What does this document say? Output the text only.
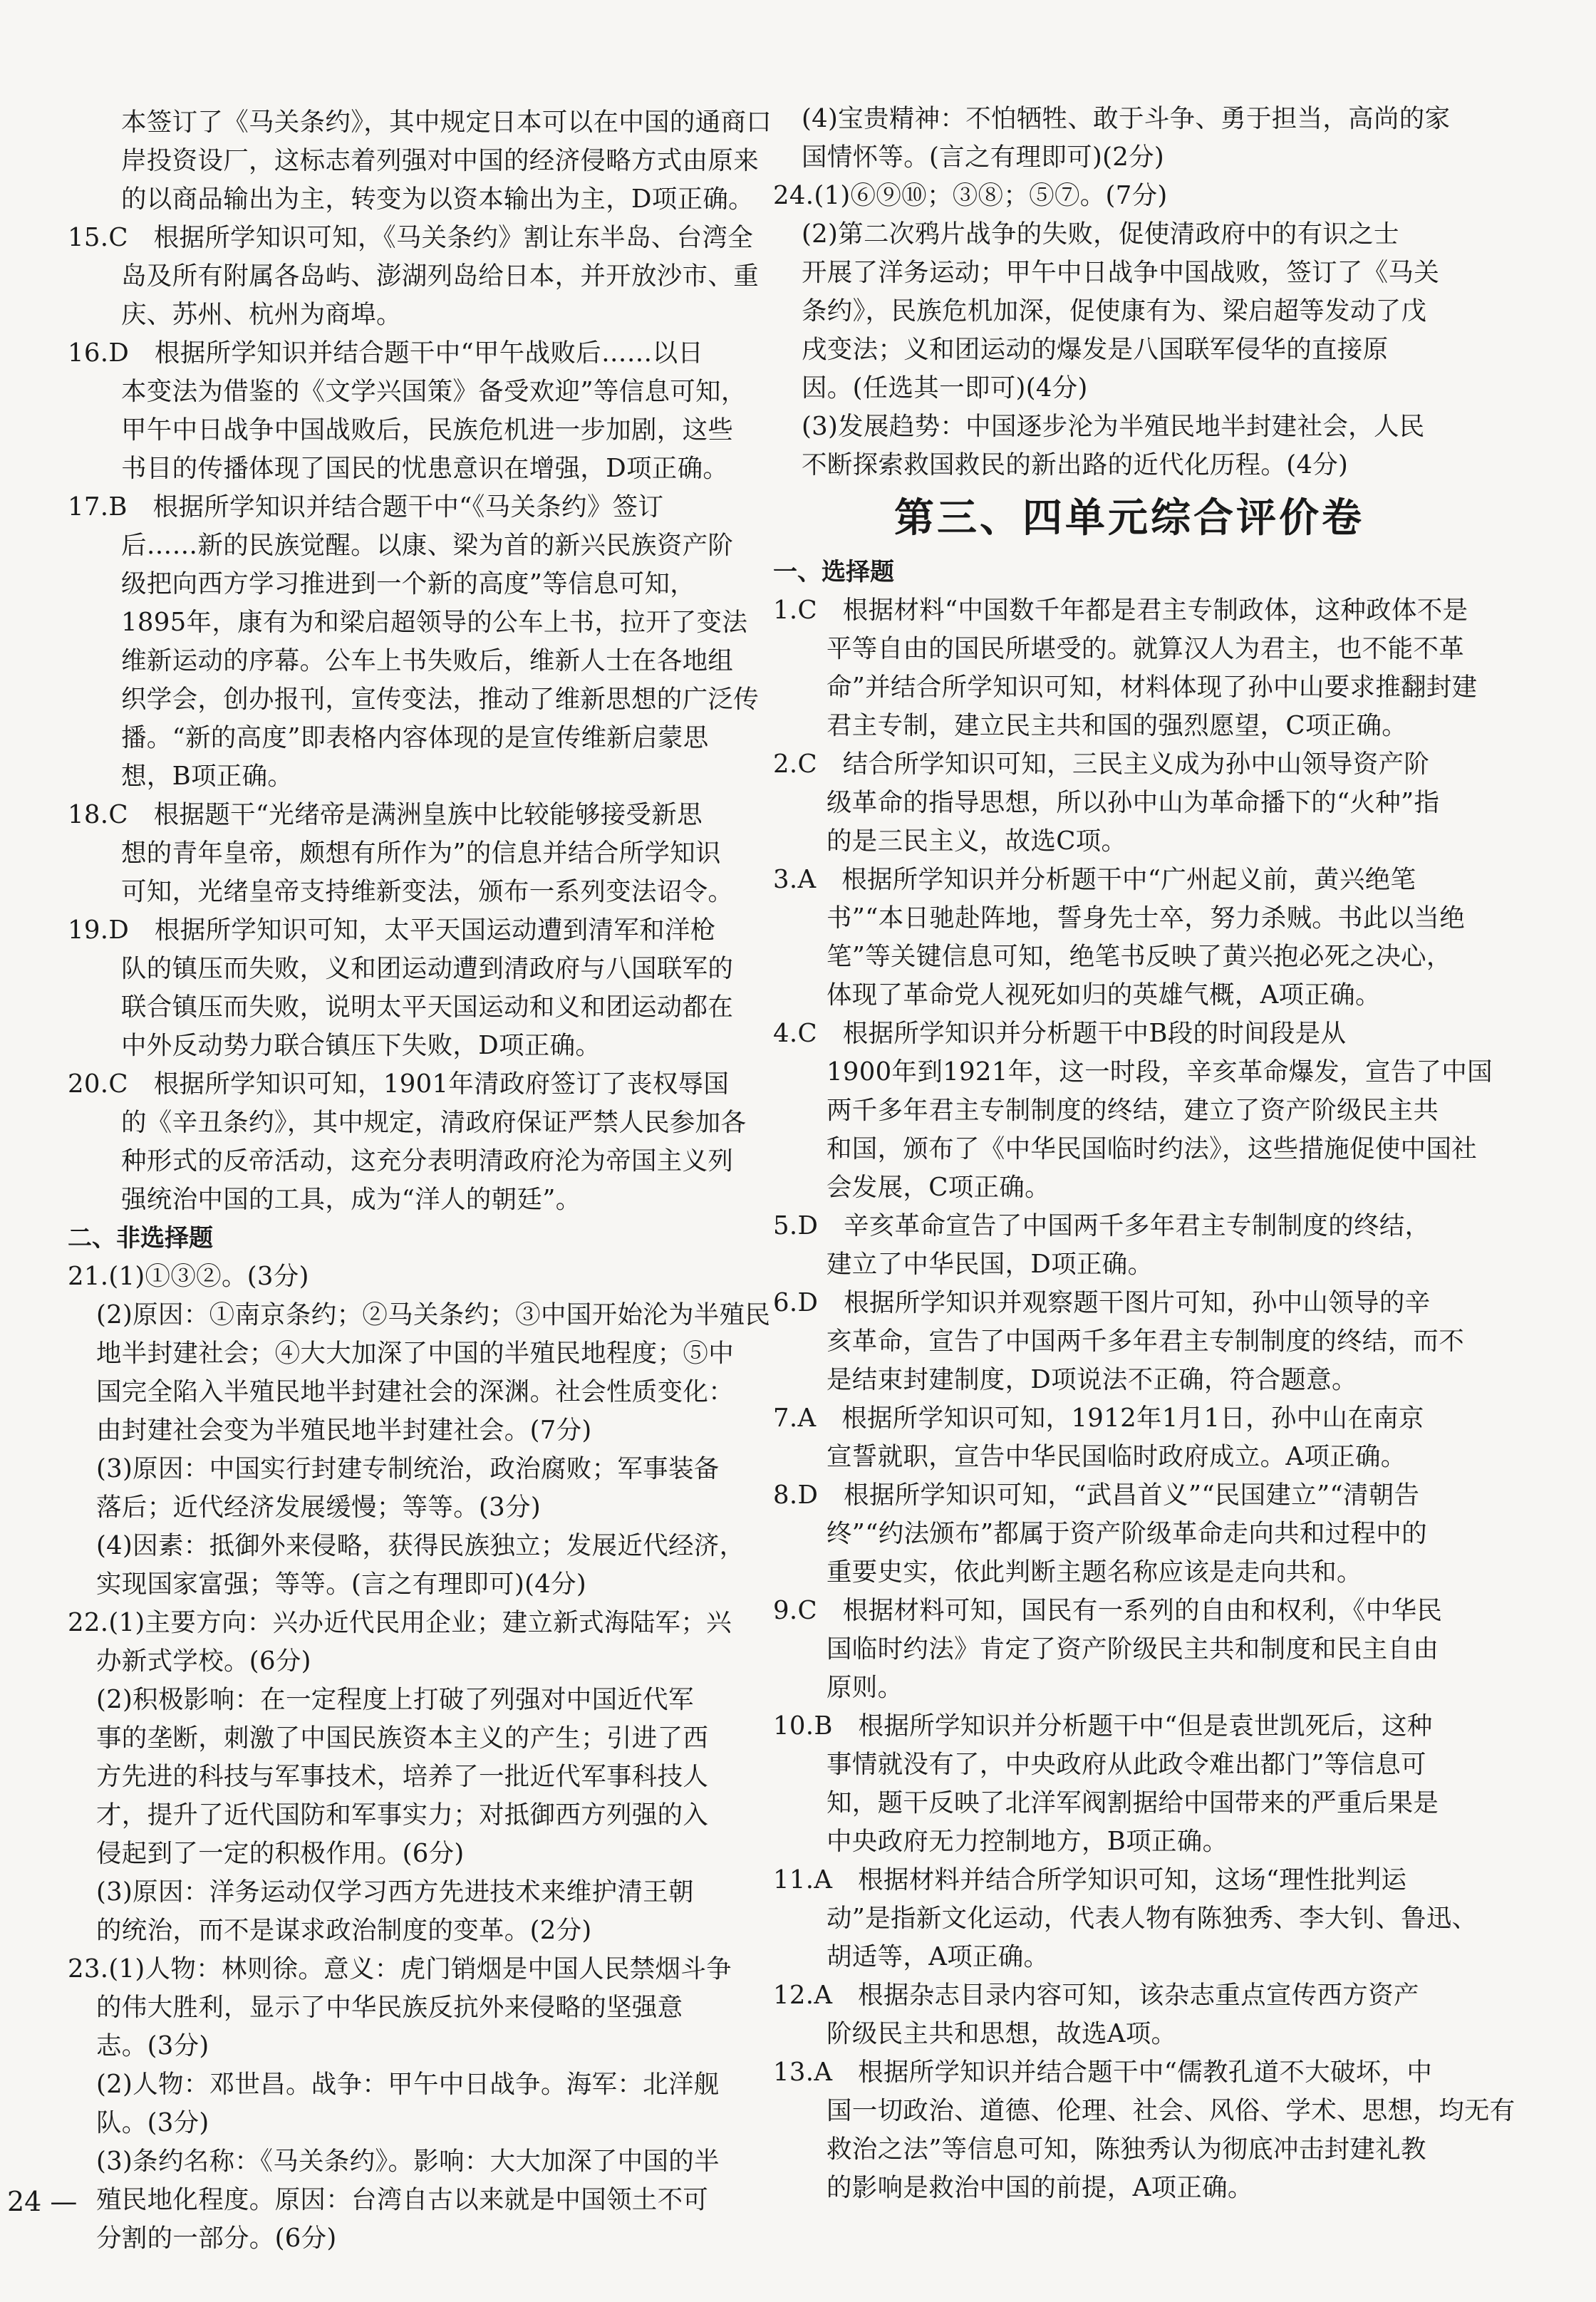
本签订了《马关条约》，其中规定日本可以在中国的通商口
岸投资设厂，这标志着列强对中国的经济侵略方式由原来
的以商品输出为主，转变为以资本输出为主，D项正确。
15.C　根据所学知识可知，《马关条约》割让东半岛、台湾全
岛及所有附属各岛屿、澎湖列岛给日本，并开放沙市、重
庆、苏州、杭州为商埠。
16.D　根据所学知识并结合题干中“甲午战败后……以日
本变法为借鉴的《文学兴国策》备受欢迎”等信息可知，
甲午中日战争中国战败后，民族危机进一步加剧，这些
书目的传播体现了国民的忧患意识在增强，D项正确。
17.B　根据所学知识并结合题干中“《马关条约》签订
后……新的民族觉醒。以康、梁为首的新兴民族资产阶
级把向西方学习推进到一个新的高度”等信息可知，
1895年，康有为和梁启超领导的公车上书，拉开了变法
维新运动的序幕。公车上书失败后，维新人士在各地组
织学会，创办报刊，宣传变法，推动了维新思想的广泛传
播。“新的高度”即表格内容体现的是宣传维新启蒙思
想，B项正确。
18.C　根据题干“光绪帝是满洲皇族中比较能够接受新思
想的青年皇帝，颇想有所作为”的信息并结合所学知识
可知，光绪皇帝支持维新变法，颁布一系列变法诏令。
19.D　根据所学知识可知，太平天国运动遭到清军和洋枪
队的镇压而失败，义和团运动遭到清政府与八国联军的
联合镇压而失败，说明太平天国运动和义和团运动都在
中外反动势力联合镇压下失败，D项正确。
20.C　根据所学知识可知，1901年清政府签订了丧权辱国
的《辛丑条约》，其中规定，清政府保证严禁人民参加各
种形式的反帝活动，这充分表明清政府沦为帝国主义列
强统治中国的工具，成为“洋人的朝廷”。
二、非选择题
21.(1)①③②。(3分)
(2)原因：①南京条约；②马关条约；③中国开始沦为半殖民
地半封建社会；④大大加深了中国的半殖民地程度；⑤中
国完全陷入半殖民地半封建社会的深渊。社会性质变化：
由封建社会变为半殖民地半封建社会。(7分)
(3)原因：中国实行封建专制统治，政治腐败；军事装备
落后；近代经济发展缓慢；等等。(3分)
(4)因素：抵御外来侵略，获得民族独立；发展近代经济，
实现国家富强；等等。(言之有理即可)(4分)
22.(1)主要方向：兴办近代民用企业；建立新式海陆军；兴
办新式学校。(6分)
(2)积极影响：在一定程度上打破了列强对中国近代军
事的垄断，刺激了中国民族资本主义的产生；引进了西
方先进的科技与军事技术，培养了一批近代军事科技人
才，提升了近代国防和军事实力；对抵御西方列强的入
侵起到了一定的积极作用。(6分)
(3)原因：洋务运动仅学习西方先进技术来维护清王朝
的统治，而不是谋求政治制度的变革。(2分)
23.(1)人物：林则徐。意义：虎门销烟是中国人民禁烟斗争
的伟大胜利，显示了中华民族反抗外来侵略的坚强意
志。(3分)
(2)人物：邓世昌。战争：甲午中日战争。海军：北洋舰
队。(3分)
(3)条约名称：《马关条约》。影响：大大加深了中国的半
殖民地化程度。原因：台湾自古以来就是中国领土不可
分割的一部分。(6分)
(4)宝贵精神：不怕牺牲、敢于斗争、勇于担当，高尚的家
国情怀等。(言之有理即可)(2分)
24.(1)⑥⑨⑩；③⑧；⑤⑦。(7分)
(2)第二次鸦片战争的失败，促使清政府中的有识之士
开展了洋务运动；甲午中日战争中国战败，签订了《马关
条约》，民族危机加深，促使康有为、梁启超等发动了戊
戌变法；义和团运动的爆发是八国联军侵华的直接原
因。(任选其一即可)(4分)
(3)发展趋势：中国逐步沦为半殖民地半封建社会，人民
不断探索救国救民的新出路的近代化历程。(4分)
第三、四单元综合评价卷
一、选择题
1.C　根据材料“中国数千年都是君主专制政体，这种政体不是
平等自由的国民所堪受的。就算汉人为君主，也不能不革
命”并结合所学知识可知，材料体现了孙中山要求推翻封建
君主专制，建立民主共和国的强烈愿望，C项正确。
2.C　结合所学知识可知，三民主义成为孙中山领导资产阶
级革命的指导思想，所以孙中山为革命播下的“火种”指
的是三民主义，故选C项。
3.A　根据所学知识并分析题干中“广州起义前，黄兴绝笔
书”“本日驰赴阵地，誓身先士卒，努力杀贼。书此以当绝
笔”等关键信息可知，绝笔书反映了黄兴抱必死之决心，
体现了革命党人视死如归的英雄气概，A项正确。
4.C　根据所学知识并分析题干中B段的时间段是从
1900年到1921年，这一时段，辛亥革命爆发，宣告了中国
两千多年君主专制制度的终结，建立了资产阶级民主共
和国，颁布了《中华民国临时约法》，这些措施促使中国社
会发展，C项正确。
5.D　辛亥革命宣告了中国两千多年君主专制制度的终结，
建立了中华民国，D项正确。
6.D　根据所学知识并观察题干图片可知，孙中山领导的辛
亥革命，宣告了中国两千多年君主专制制度的终结，而不
是结束封建制度，D项说法不正确，符合题意。
7.A　根据所学知识可知，1912年1月1日，孙中山在南京
宣誓就职，宣告中华民国临时政府成立。A项正确。
8.D　根据所学知识可知，“武昌首义”“民国建立”“清朝告
终”“约法颁布”都属于资产阶级革命走向共和过程中的
重要史实，依此判断主题名称应该是走向共和。
9.C　根据材料可知，国民有一系列的自由和权利，《中华民
国临时约法》肯定了资产阶级民主共和制度和民主自由
原则。
10.B　根据所学知识并分析题干中“但是袁世凯死后，这种
事情就没有了，中央政府从此政令难出都门”等信息可
知，题干反映了北洋军阀割据给中国带来的严重后果是
中央政府无力控制地方，B项正确。
11.A　根据材料并结合所学知识可知，这场“理性批判运
动”是指新文化运动，代表人物有陈独秀、李大钊、鲁迅、
胡适等，A项正确。
12.A　根据杂志目录内容可知，该杂志重点宣传西方资产
阶级民主共和思想，故选A项。
13.A　根据所学知识并结合题干中“儒教孔道不大破坏，中
国一切政治、道德、伦理、社会、风俗、学术、思想，均无有
救治之法”等信息可知，陈独秀认为彻底冲击封建礼教
的影响是救治中国的前提，A项正确。
24 —
